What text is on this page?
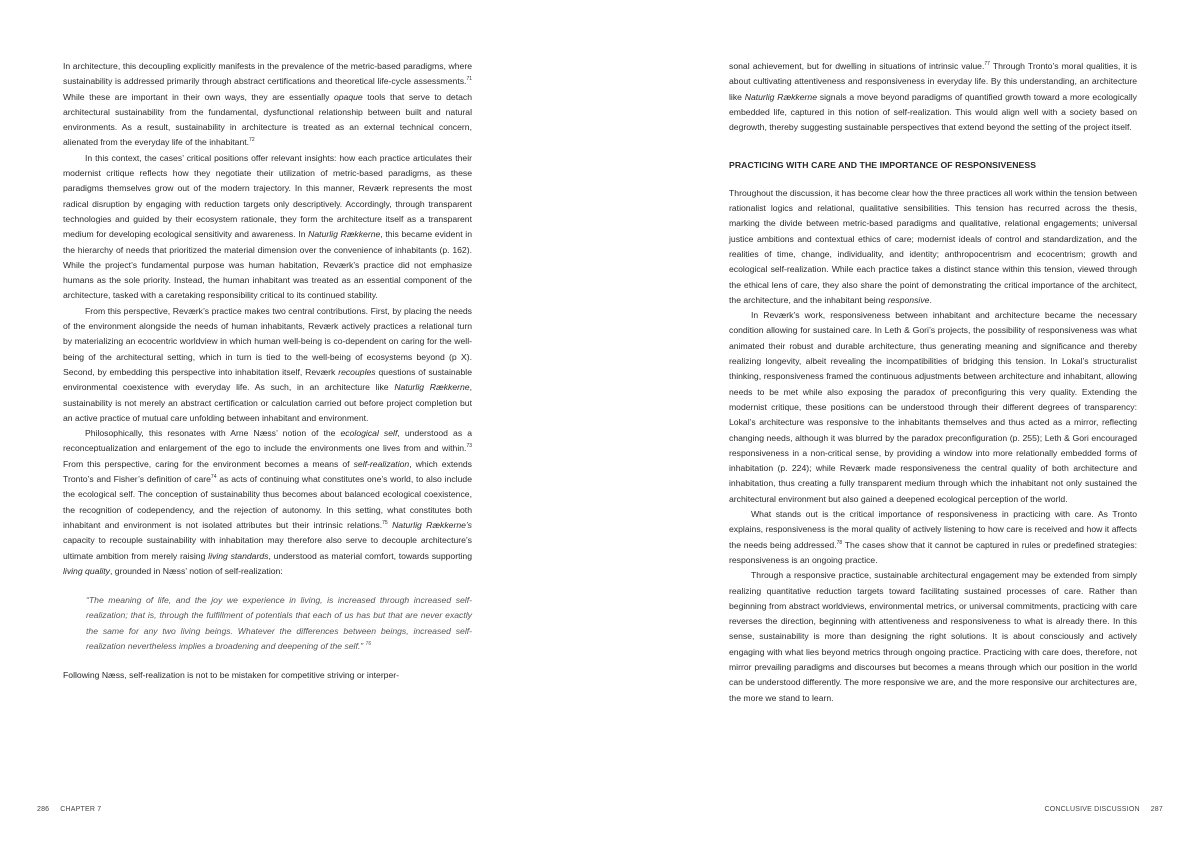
In architecture, this decoupling explicitly manifests in the prevalence of the metric-based paradigms, where sustainability is addressed primarily through abstract certifications and theoretical life-cycle assessments.$^{71}$ While these are important in their own ways, they are essentially opaque tools that serve to detach architectural sustainability from the fundamental, dysfunctional relationship between built and natural environments. As a result, sustainability in architecture is treated as an external technical concern, alienated from the everyday life of the inhabitant.$^{72}$

In this context, the cases’ critical positions offer relevant insights: how each practice articulates their modernist critique reflects how they negotiate their utilization of metric-based paradigms, as these paradigms themselves grow out of the modern trajectory. In this manner, Reværk represents the most radical disruption by engaging with reduction targets only descriptively. Accordingly, through transparent technologies and guided by their ecosystem rationale, they form the architecture itself as a transparent medium for developing ecological sensitivity and awareness. In Naturlig Rækkerne, this became evident in the hierarchy of needs that prioritized the material dimension over the convenience of inhabitants (p. 162). While the project’s fundamental purpose was human habitation, Reværk’s practice did not emphasize humans as the sole priority. Instead, the human inhabitant was treated as an essential component of the architecture, tasked with a caretaking responsibility critical to its continued stability.

From this perspective, Reværk’s practice makes two central contributions. First, by placing the needs of the environment alongside the needs of human inhabitants, Reværk actively practices a relational turn by materializing an ecocentric worldview in which human well-being is co-dependent on caring for the well-being of the architectural setting, which in turn is tied to the well-being of ecosystems beyond (p X). Second, by embedding this perspective into inhabitation itself, Reværk recouples questions of sustainable environmental coexistence with everyday life. As such, in an architecture like Naturlig Rækkerne, sustainability is not merely an abstract certification or calculation carried out before project completion but an active practice of mutual care unfolding between inhabitant and environment.

Philosophically, this resonates with Arne Næss’ notion of the ecological self, understood as a reconceptualization and enlargement of the ego to include the environments one lives from and within.$^{73}$ From this perspective, caring for the environment becomes a means of self-realization, which extends Tronto’s and Fisher’s definition of care$^{74}$ as acts of continuing what constitutes one’s world, to also include the ecological self. The conception of sustainability thus becomes about balanced ecological coexistence, the recognition of codependency, and the rejection of autonomy. In this setting, what constitutes both inhabitant and environment is not isolated attributes but their intrinsic relations.$^{75}$ Naturlig Rækkerne’s capacity to recouple sustainability with inhabitation may therefore also serve to decouple architecture’s ultimate ambition from merely raising living standards, understood as material comfort, towards supporting living quality, grounded in Næss’ notion of self-realization:

“The meaning of life, and the joy we experience in living, is increased through increased self-realization; that is, through the fulfillment of potentials that each of us has but that are never exactly the same for any two living beings. Whatever the differences between beings, increased self-realization nevertheless implies a broadening and deepening of the self.” $^{76}$

Following Næss, self-realization is not to be mistaken for competitive striving or interper-

286 CHAPTER 7

sonal achievement, but for dwelling in situations of intrinsic value.$^{77}$ Through Tronto’s moral qualities, it is about cultivating attentiveness and responsiveness in everyday life. By this understanding, an architecture like Naturlig Rækkerne signals a move beyond paradigms of quantified growth toward a more ecologically embedded life, captured in this notion of self-realization. This would align well with a society based on degrowth, thereby suggesting sustainable perspectives that extend beyond the setting of the project itself.

PRACTICING WITH CARE AND THE IMPORTANCE OF RESPONSIVENESS

Throughout the discussion, it has become clear how the three practices all work within the tension between rationalist logics and relational, qualitative sensibilities. This tension has recurred across the thesis, marking the divide between metric-based paradigms and qualitative, relational engagements; universal justice ambitions and contextual ethics of care; modernist ideals of control and standardization, and the realities of time, change, individuality, and identity; anthropocentrism and ecocentrism; growth and ecological self-realization. While each practice takes a distinct stance within this tension, viewed through the ethical lens of care, they also share the point of demonstrating the critical importance of the architect, the architecture, and the inhabitant being responsive.

In Reværk’s work, responsiveness between inhabitant and architecture became the necessary condition allowing for sustained care. In Leth & Gori’s projects, the possibility of responsiveness was what animated their robust and durable architecture, thus generating meaning and significance and thereby realizing longevity, albeit revealing the incompatibilities of bridging this tension. In Lokal’s structuralist thinking, responsiveness framed the continuous adjustments between architecture and inhabitant, allowing needs to be met while also exposing the paradox of preconfiguring this very quality. Extending the modernist critique, these positions can be understood through their different degrees of transparency: Lokal’s architecture was responsive to the inhabitants themselves and thus acted as a mirror, reflecting changing needs, although it was blurred by the paradox preconfiguration (p. 255); Leth & Gori encouraged responsiveness in a non-critical sense, by providing a window into more relationally embedded forms of inhabitation (p. 224); while Reværk made responsiveness the central quality of both architecture and inhabitation, thus creating a fully transparent medium through which the inhabitant not only sustained the architectural environment but also gained a deepened ecological perception of the world.

What stands out is the critical importance of responsiveness in practicing with care. As Tronto explains, responsiveness is the moral quality of actively listening to how care is received and how it affects the needs being addressed.$^{78}$ The cases show that it cannot be captured in rules or predefined strategies: responsiveness is an ongoing practice.

Through a responsive practice, sustainable architectural engagement may be extended from simply realizing quantitative reduction targets toward facilitating sustained processes of care. Rather than beginning from abstract worldviews, environmental metrics, or universal commitments, practicing with care reverses the direction, beginning with attentiveness and responsiveness to what is already there. In this sense, sustainability is more than designing the right solutions. It is about consciously and actively engaging with what lies beyond metrics through ongoing practice. Practicing with care does, therefore, not mirror prevailing paradigms and discourses but becomes a means through which our position in the world can be understood differently. The more responsive we are, and the more responsive our architectures are, the more we stand to learn.

CONCLUSIVE DISCUSSION 287
